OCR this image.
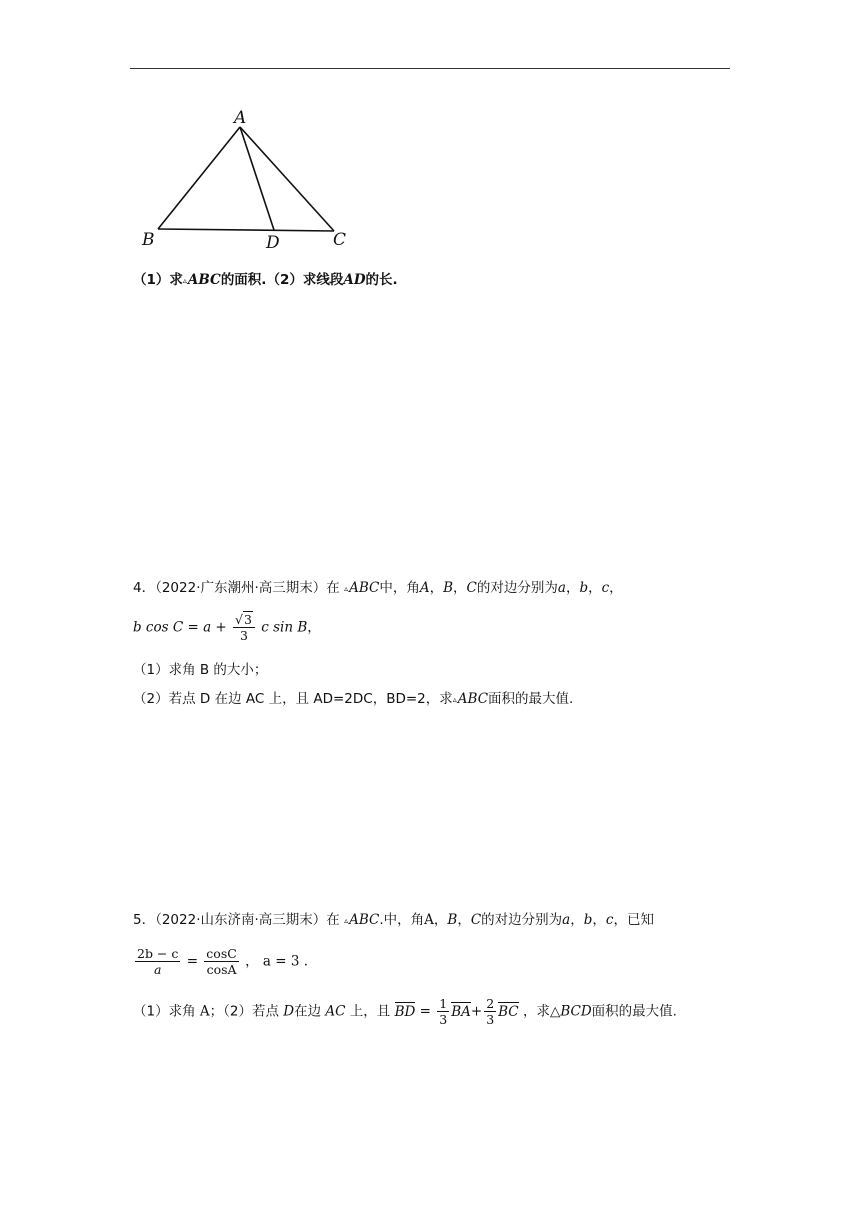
A
B	D	C
（1）求▵ABC的面积.（2）求线段AD的长.
4．（2022·广东潮州·高三期末）在 ▵ABC中，角A，B，C的对边分别为a，b，c，
b $\cos C = a + \frac{√3}{3}$ c sin B，
（1）求角 B 的大小；
（2）若点 D 在边 AC 上，且 AD=2DC，BD=2，求▵ABC面积的最大值.
5．（2022·山东济南·高三期末）在 ▵ABC.中，角A，B，C的对边分别为a，b，c，已知
$\frac{2b - c}{a} = \frac{\cos C}{\cos A}$ ， a = 3 .
（1）求角 A；（2）若点 D在边 AC 上，且 BD = $\frac{1}{3} BA+ \frac{2}{3}$ BC ，求△BCD面积的最大值.
